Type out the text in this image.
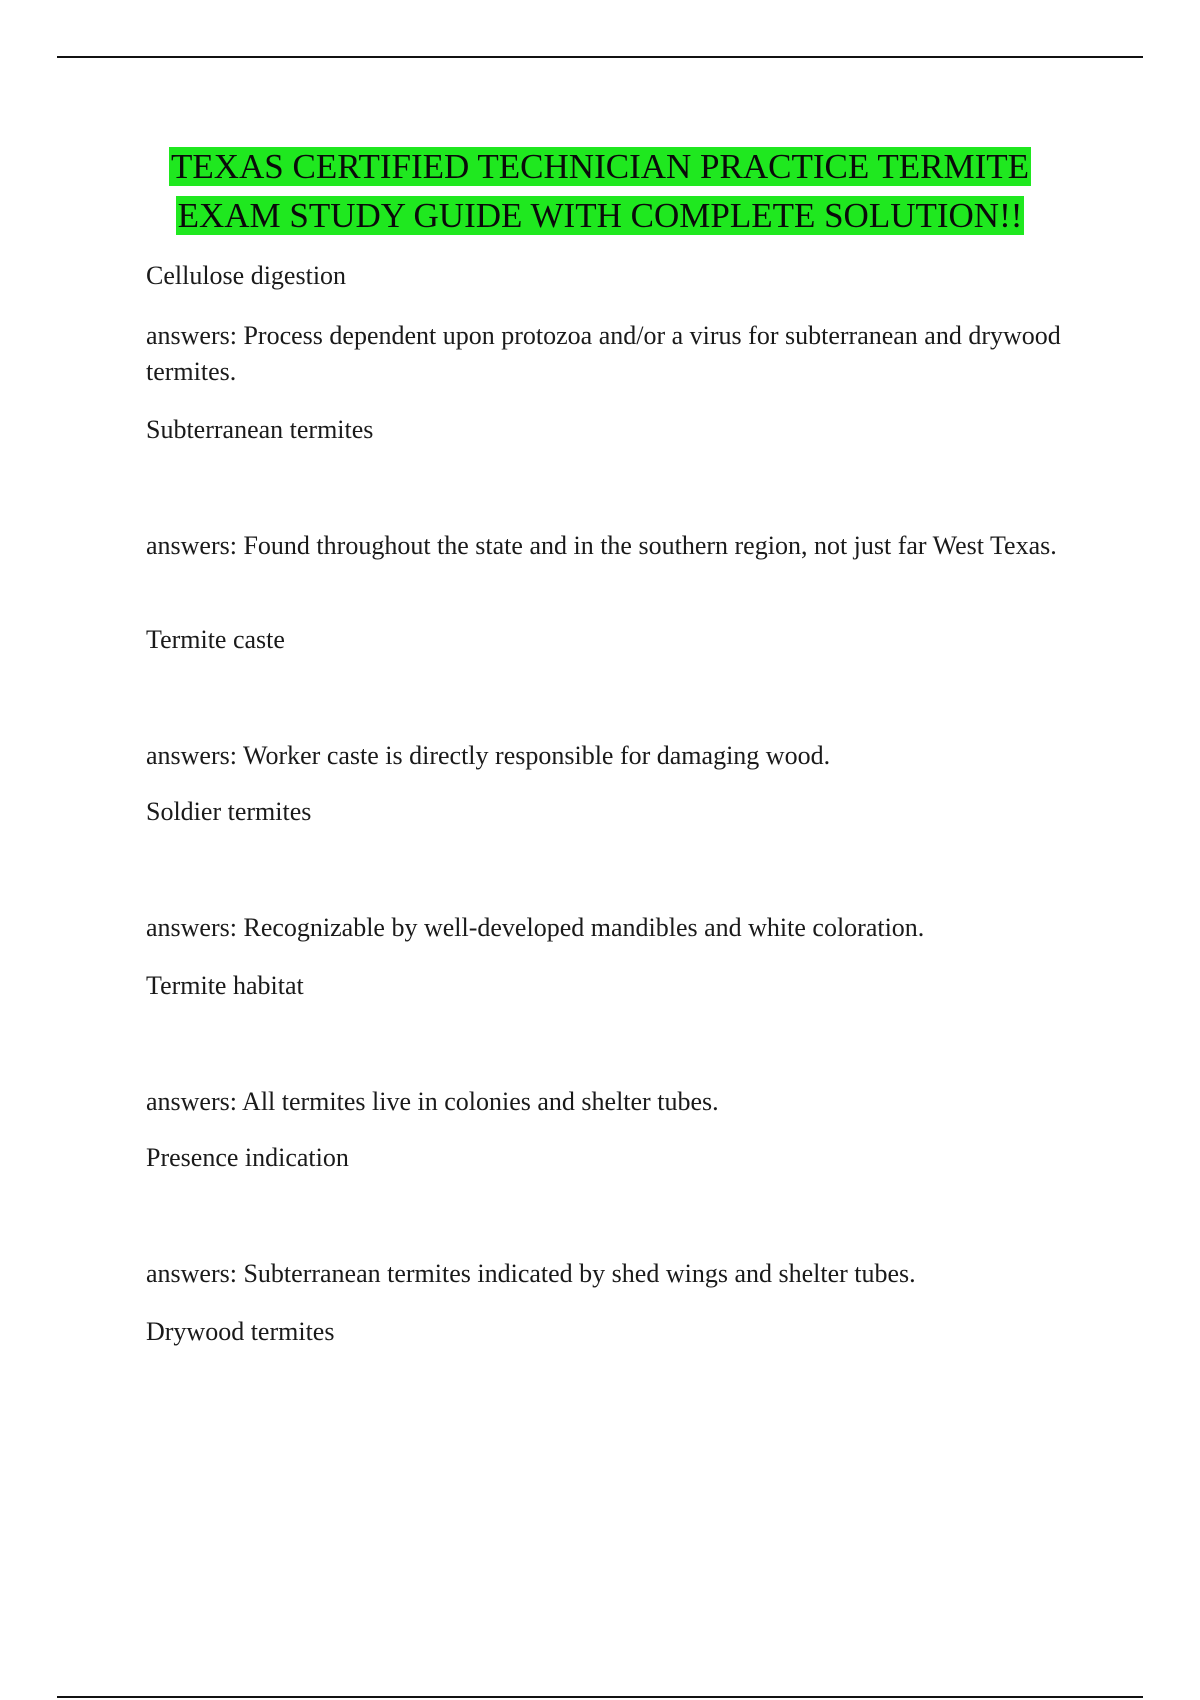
TEXAS CERTIFIED TECHNICIAN PRACTICE TERMITE
EXAM STUDY GUIDE WITH COMPLETE SOLUTION!!

Cellulose digestion

answers: Process dependent upon protozoa and/or a virus for subterranean and drywood termites.

Subterranean termites

answers: Found throughout the state and in the southern region, not just far West Texas.

Termite caste

answers: Worker caste is directly responsible for damaging wood.

Soldier termites

answers: Recognizable by well-developed mandibles and white coloration.

Termite habitat

answers: All termites live in colonies and shelter tubes.

Presence indication

answers: Subterranean termites indicated by shed wings and shelter tubes.

Drywood termites
